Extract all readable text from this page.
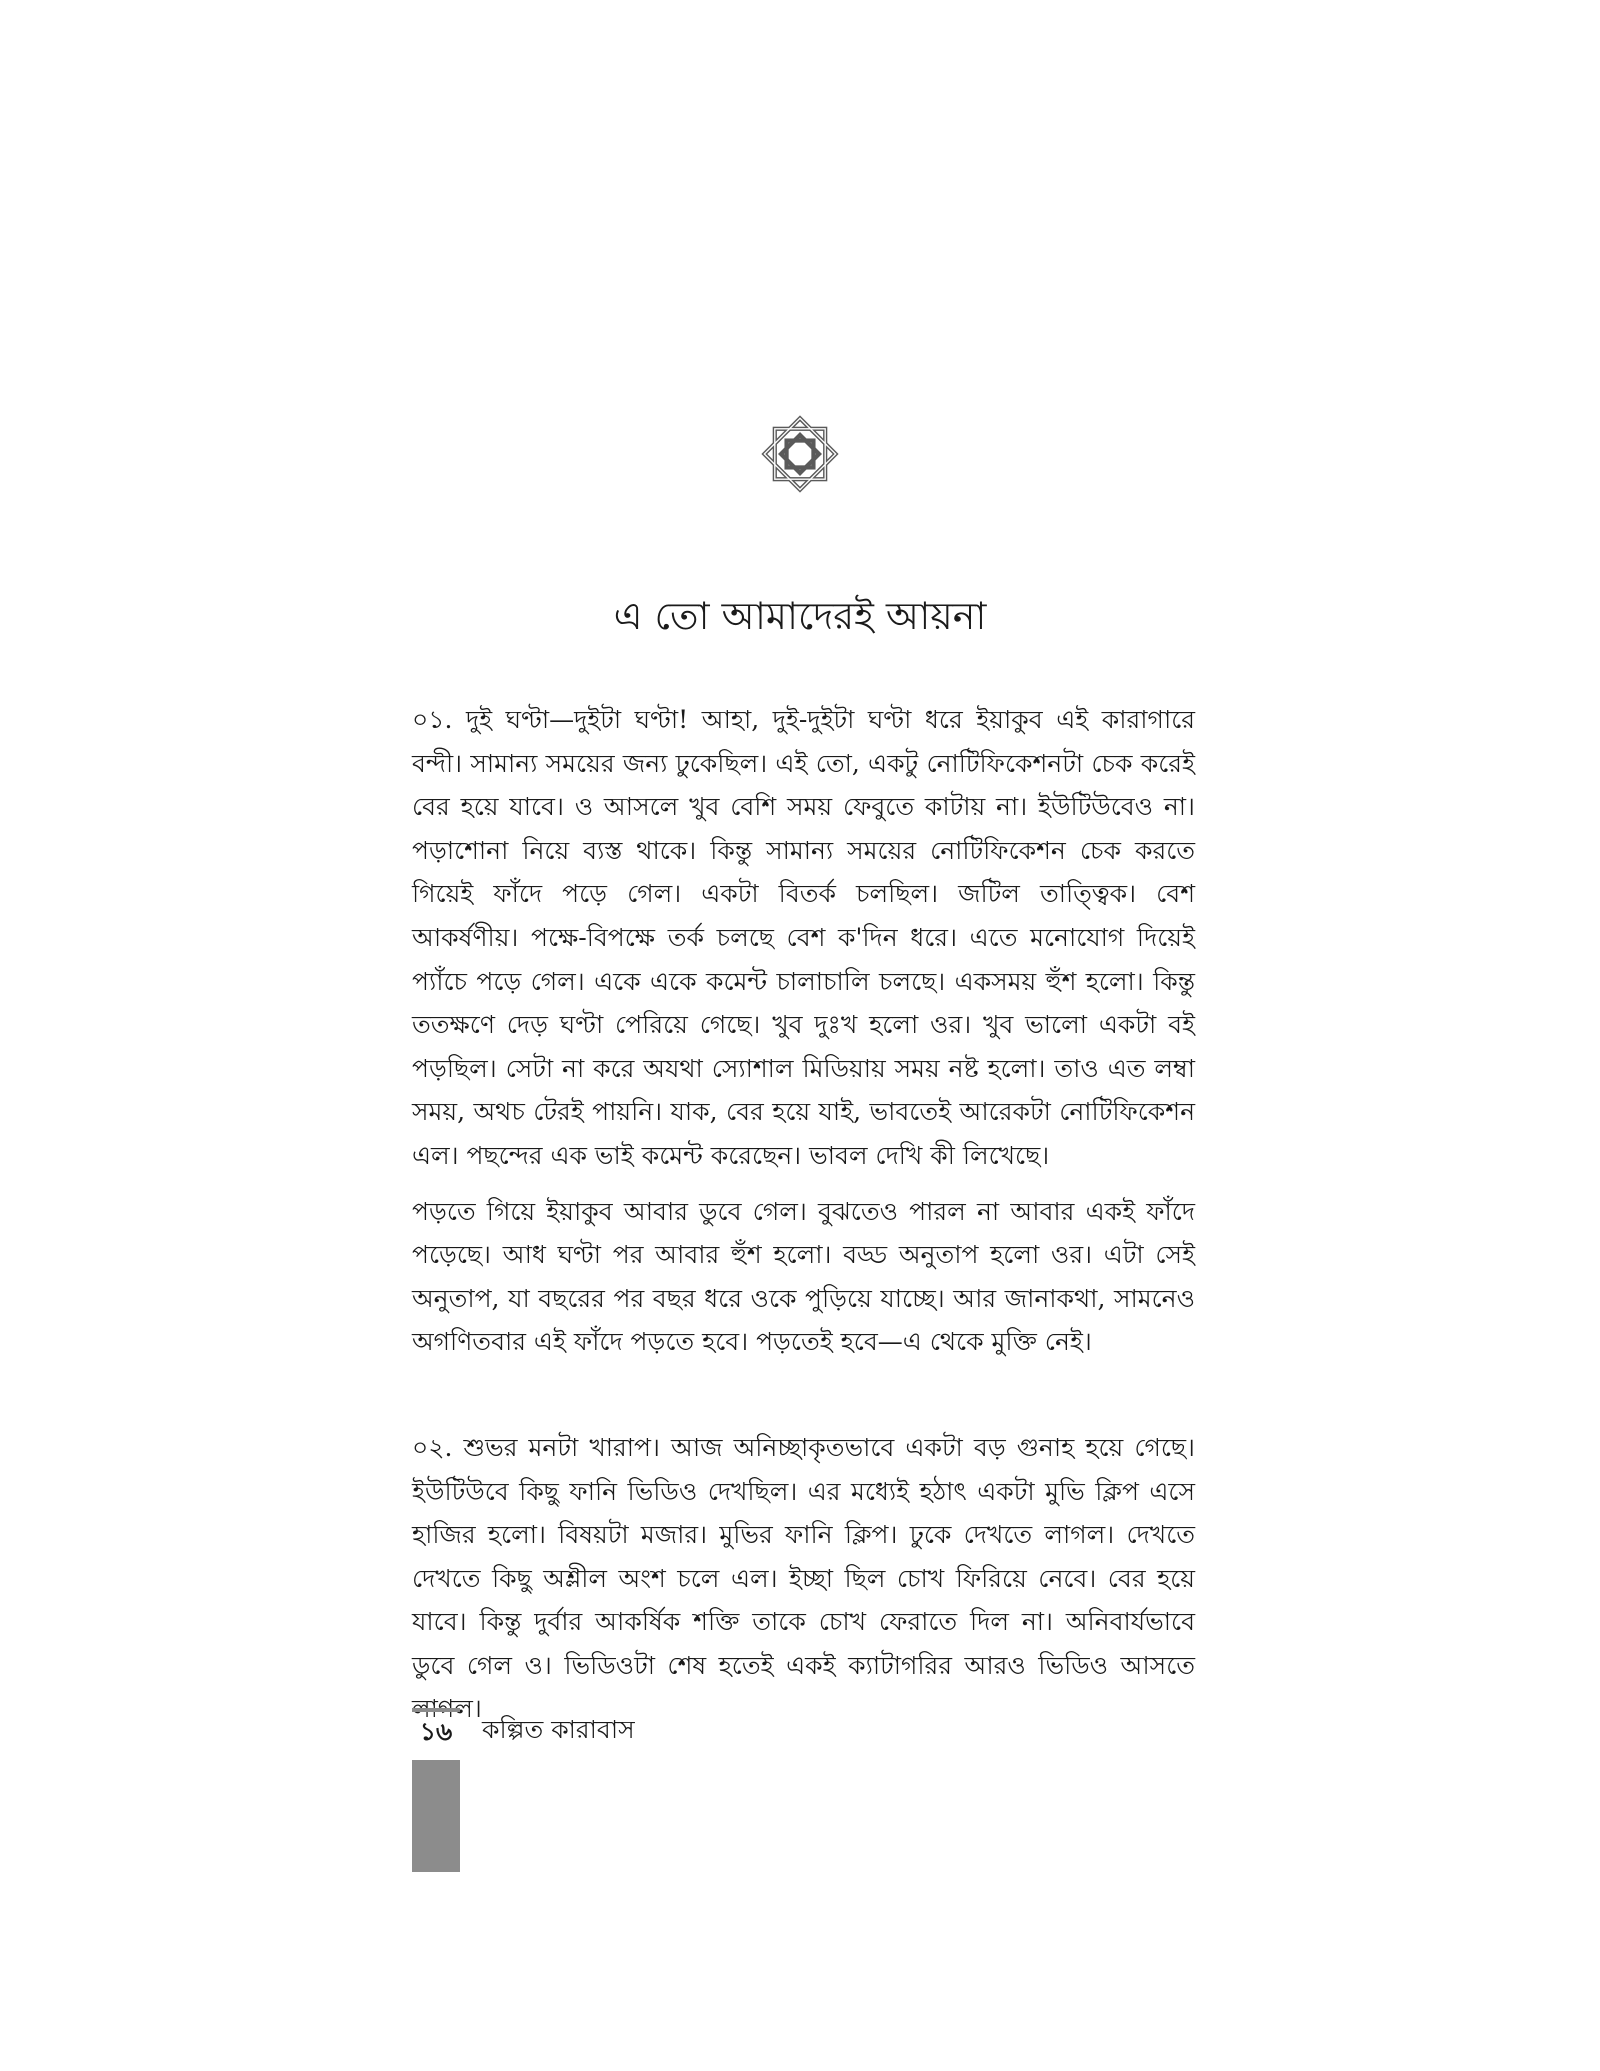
এ তো আমাদেরই আয়না

০১. দুই ঘণ্টা—দুইটা ঘণ্টা! আহা, দুই-দুইটা ঘণ্টা ধরে ইয়াকুব এই কারাগারে বন্দী। সামান্য সময়ের জন্য ঢুকেছিল। এই তো, একটু নোটিফিকেশনটা চেক করেই বের হয়ে যাবে। ও আসলে খুব বেশি সময় ফেবুতে কাটায় না। ইউটিউবেও না। পড়াশোনা নিয়ে ব্যস্ত থাকে। কিন্তু সামান্য সময়ের নোটিফিকেশন চেক করতে গিয়েই ফাঁদে পড়ে গেল। একটা বিতর্ক চলছিল। জটিল তাত্ত্বিক। বেশ আকর্ষণীয়। পক্ষে-বিপক্ষে তর্ক চলছে বেশ ক'দিন ধরে। এতে মনোযোগ দিয়েই প্যাঁচে পড়ে গেল। একে একে কমেন্ট চালাচালি চলছে। একসময় হুঁশ হলো। কিন্তু ততক্ষণে দেড় ঘণ্টা পেরিয়ে গেছে। খুব দুঃখ হলো ওর। খুব ভালো একটা বই পড়ছিল। সেটা না করে অযথা স্যোশাল মিডিয়ায় সময় নষ্ট হলো। তাও এত লম্বা সময়, অথচ টেরই পায়নি। যাক, বের হয়ে যাই, ভাবতেই আরেকটা নোটিফিকেশন এল। পছন্দের এক ভাই কমেন্ট করেছেন। ভাবল দেখি কী লিখেছে।

পড়তে গিয়ে ইয়াকুব আবার ডুবে গেল। বুঝতেও পারল না আবার একই ফাঁদে পড়েছে। আধ ঘণ্টা পর আবার হুঁশ হলো। বড্ড অনুতাপ হলো ওর। এটা সেই অনুতাপ, যা বছরের পর বছর ধরে ওকে পুড়িয়ে যাচ্ছে। আর জানাকথা, সামনেও অগণিতবার এই ফাঁদে পড়তে হবে। পড়তেই হবে—এ থেকে মুক্তি নেই।

০২. শুভর মনটা খারাপ। আজ অনিচ্ছাকৃতভাবে একটা বড় গুনাহ হয়ে গেছে। ইউটিউবে কিছু ফানি ভিডিও দেখছিল। এর মধ্যেই হঠাৎ একটা মুভি ক্লিপ এসে হাজির হলো। বিষয়টা মজার। মুভির ফানি ক্লিপ। ঢুকে দেখতে লাগল। দেখতে দেখতে কিছু অশ্লীল অংশ চলে এল। ইচ্ছা ছিল চোখ ফিরিয়ে নেবে। বের হয়ে যাবে। কিন্তু দুর্বার আকর্ষিক শক্তি তাকে চোখ ফেরাতে দিল না। অনিবার্যভাবে ডুবে গেল ও। ভিডিওটা শেষ হতেই একই ক্যাটাগরির আরও ভিডিও আসতে লাগল।

১৬	কল্পিত কারাবাস
